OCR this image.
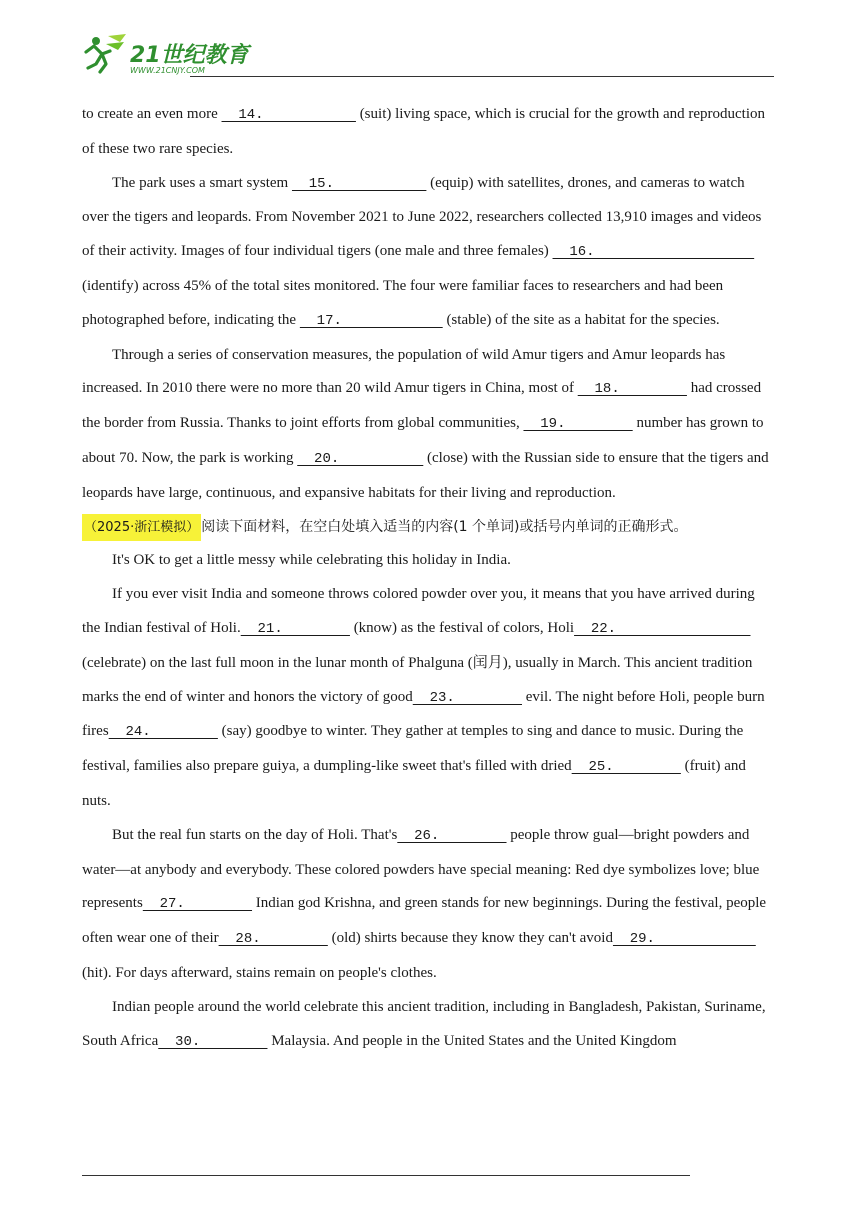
21世纪教育
WWW.21CNJY.COM

to create an even more   14.            (suit) living space, which is crucial for the growth and reproduction of these two rare species.

The park uses a smart system   15.            (equip) with satellites, drones, and cameras to watch over the tigers and leopards. From November 2021 to June 2022, researchers collected 13,910 images and videos of their activity. Images of four individual tigers (one male and three females)   16.                    (identify) across 45% of the total sites monitored. The four were familiar faces to researchers and had been photographed before, indicating the   17.             (stable) of the site as a habitat for the species.

Through a series of conservation measures, the population of wild Amur tigers and Amur leopards has increased. In 2010 there were no more than 20 wild Amur tigers in China, most of   18.         had crossed the border from Russia. Thanks to joint efforts from global communities,   19.         number has grown to about 70. Now, the park is working   20.           (close) with the Russian side to ensure that the tigers and leopards have large, continuous, and expansive habitats for their living and reproduction.

（2025·浙江模拟） 阅读下面材料，在空白处填入适当的内容(1 个单词)或括号内单词的正确形式。

It's OK to get a little messy while celebrating this holiday in India.

If you ever visit India and someone throws colored powder over you, it means that you have arrived during the Indian festival of Holi.  21.         (know) as the festival of colors, Holi  22.                 (celebrate) on the last full moon in the lunar month of Phalguna (闰月), usually in March. This ancient tradition marks the end of winter and honors the victory of good  23.         evil. The night before Holi, people burn fires  24.         (say) goodbye to winter. They gather at temples to sing and dance to music. During the festival, families also prepare guiya, a dumpling-like sweet that's filled with dried  25.         (fruit) and nuts.

But the real fun starts on the day of Holi. That's  26.         people throw gual—bright powders and water—at anybody and everybody. These colored powders have special meaning: Red dye symbolizes love; blue represents  27.         Indian god Krishna, and green stands for new beginnings. During the festival, people often wear one of their  28.         (old) shirts because they know they can't avoid  29.             (hit). For days afterward, stains remain on people's clothes.

Indian people around the world celebrate this ancient tradition, including in Bangladesh, Pakistan, Suriname, South Africa  30.         Malaysia. And people in the United States and the United Kingdom
